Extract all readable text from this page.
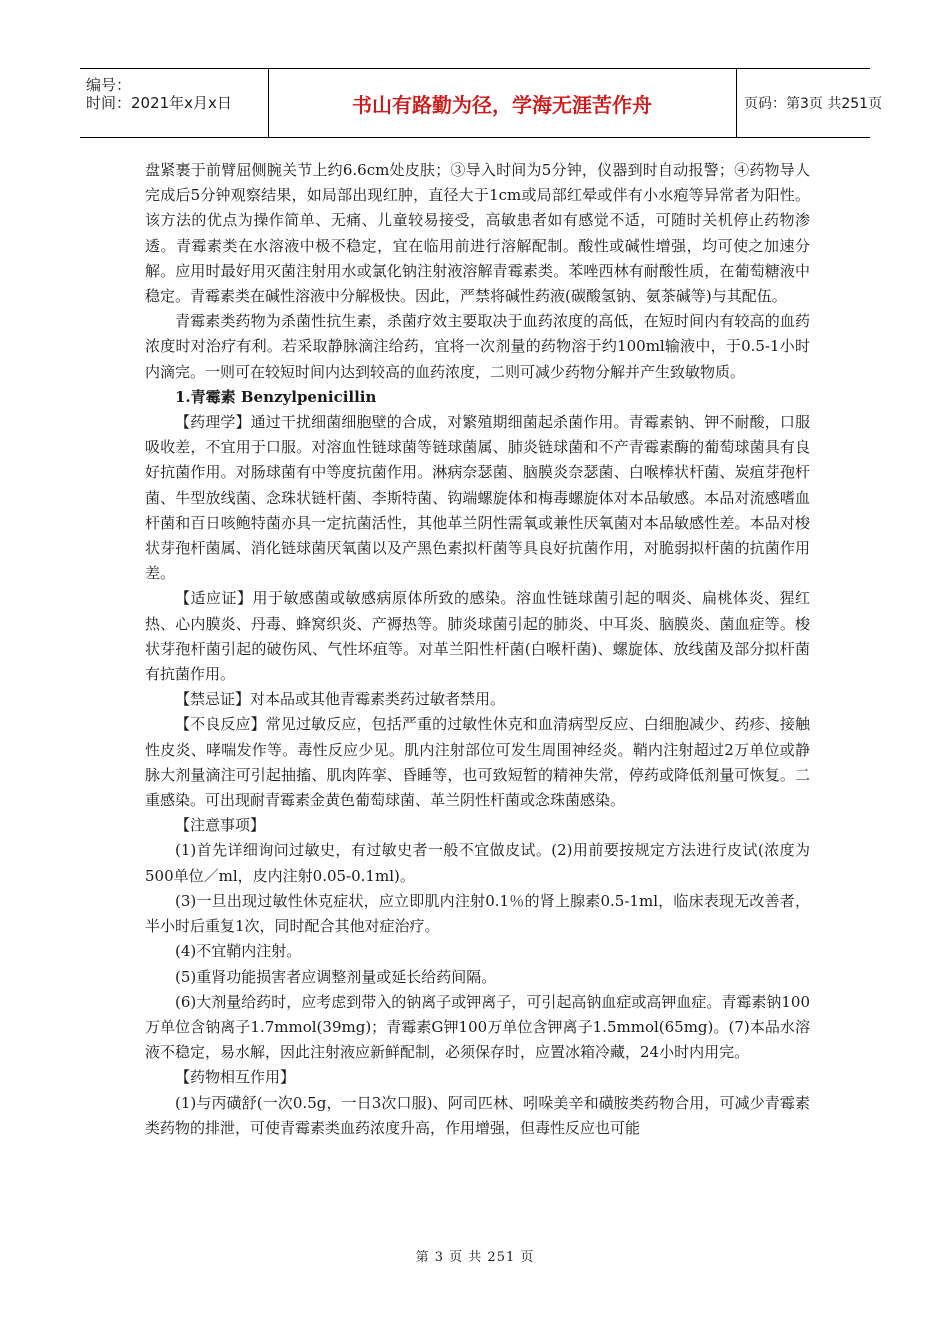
编号：
时间：2021年x月x日	书山有路勤为径，学海无涯苦作舟	页码：第3页 共251页

盘紧裹于前臂屈侧腕关节上约6.6cm处皮肤；③导入时间为5分钟，仪器到时自动报警；④药物导人完成后5分钟观察结果，如局部出现红肿，直径大于1cm或局部红晕或伴有小水疱等异常者为阳性。该方法的优点为操作简单、无痛、儿童较易接受，高敏患者如有感觉不适，可随时关机停止药物渗透。青霉素类在水溶液中极不稳定，宜在临用前进行溶解配制。酸性或碱性增强，均可使之加速分解。应用时最好用灭菌注射用水或氯化钠注射液溶解青霉素类。苯唑西林有耐酸性质，在葡萄糖液中稳定。青霉素类在碱性溶液中分解极快。因此，严禁将碱性药液(碳酸氢钠、氨茶碱等)与其配伍。

青霉素类药物为杀菌性抗生素，杀菌疗效主要取决于血药浓度的高低，在短时间内有较高的血药浓度时对治疗有利。若采取静脉滴注给药，宜将一次剂量的药物溶于约100ml输液中，于0.5-1小时内滴完。一则可在较短时间内达到较高的血药浓度，二则可减少药物分解并产生致敏物质。

1.青霉素 Benzylpenicillin

【药理学】通过干扰细菌细胞壁的合成，对繁殖期细菌起杀菌作用。青霉素钠、钾不耐酸，口服吸收差，不宜用于口服。对溶血性链球菌等链球菌属、肺炎链球菌和不产青霉素酶的葡萄球菌具有良好抗菌作用。对肠球菌有中等度抗菌作用。淋病奈瑟菌、脑膜炎奈瑟菌、白喉棒状杆菌、炭疽芽孢杆菌、牛型放线菌、念珠状链杆菌、李斯特菌、钩端螺旋体和梅毒螺旋体对本品敏感。本品对流感嗜血杆菌和百日咳鲍特菌亦具一定抗菌活性，其他革兰阴性需氧或兼性厌氧菌对本品敏感性差。本品对梭状芽孢杆菌属、消化链球菌厌氧菌以及产黑色素拟杆菌等具良好抗菌作用，对脆弱拟杆菌的抗菌作用差。

【适应证】用于敏感菌或敏感病原体所致的感染。溶血性链球菌引起的咽炎、扁桃体炎、猩红热、心内膜炎、丹毒、蜂窝织炎、产褥热等。肺炎球菌引起的肺炎、中耳炎、脑膜炎、菌血症等。梭状芽孢杆菌引起的破伤风、气性坏疽等。对革兰阳性杆菌(白喉杆菌)、螺旋体、放线菌及部分拟杆菌有抗菌作用。

【禁忌证】对本品或其他青霉素类药过敏者禁用。

【不良反应】常见过敏反应，包括严重的过敏性休克和血清病型反应、白细胞减少、药疹、接触性皮炎、哮喘发作等。毒性反应少见。肌内注射部位可发生周围神经炎。鞘内注射超过2万单位或静脉大剂量滴注可引起抽搐、肌肉阵挛、昏睡等，也可致短暂的精神失常，停药或降低剂量可恢复。二重感染。可出现耐青霉素金黄色葡萄球菌、革兰阴性杆菌或念珠菌感染。

【注意事项】

(1)首先详细询问过敏史，有过敏史者一般不宜做皮试。(2)用前要按规定方法进行皮试(浓度为500单位／ml，皮内注射0.05-0.1ml)。

(3)一旦出现过敏性休克症状，应立即肌内注射0.1％的肾上腺素0.5-1ml，临床表现无改善者，半小时后重复1次，同时配合其他对症治疗。

(4)不宜鞘内注射。

(5)重肾功能损害者应调整剂量或延长给药间隔。

(6)大剂量给药时，应考虑到带入的钠离子或钾离子，可引起高钠血症或高钾血症。青霉素钠100万单位含钠离子1.7mmol(39mg)；青霉素G钾100万单位含钾离子1.5mmol(65mg)。(7)本品水溶液不稳定，易水解，因此注射液应新鲜配制，必须保存时，应置冰箱冷藏，24小时内用完。

【药物相互作用】

(1)与丙磺舒(一次0.5g，一日3次口服)、阿司匹林、吲哚美辛和磺胺类药物合用，可减少青霉素类药物的排泄，可使青霉素类血药浓度升高，作用增强，但毒性反应也可能

第 3 页 共 251 页
